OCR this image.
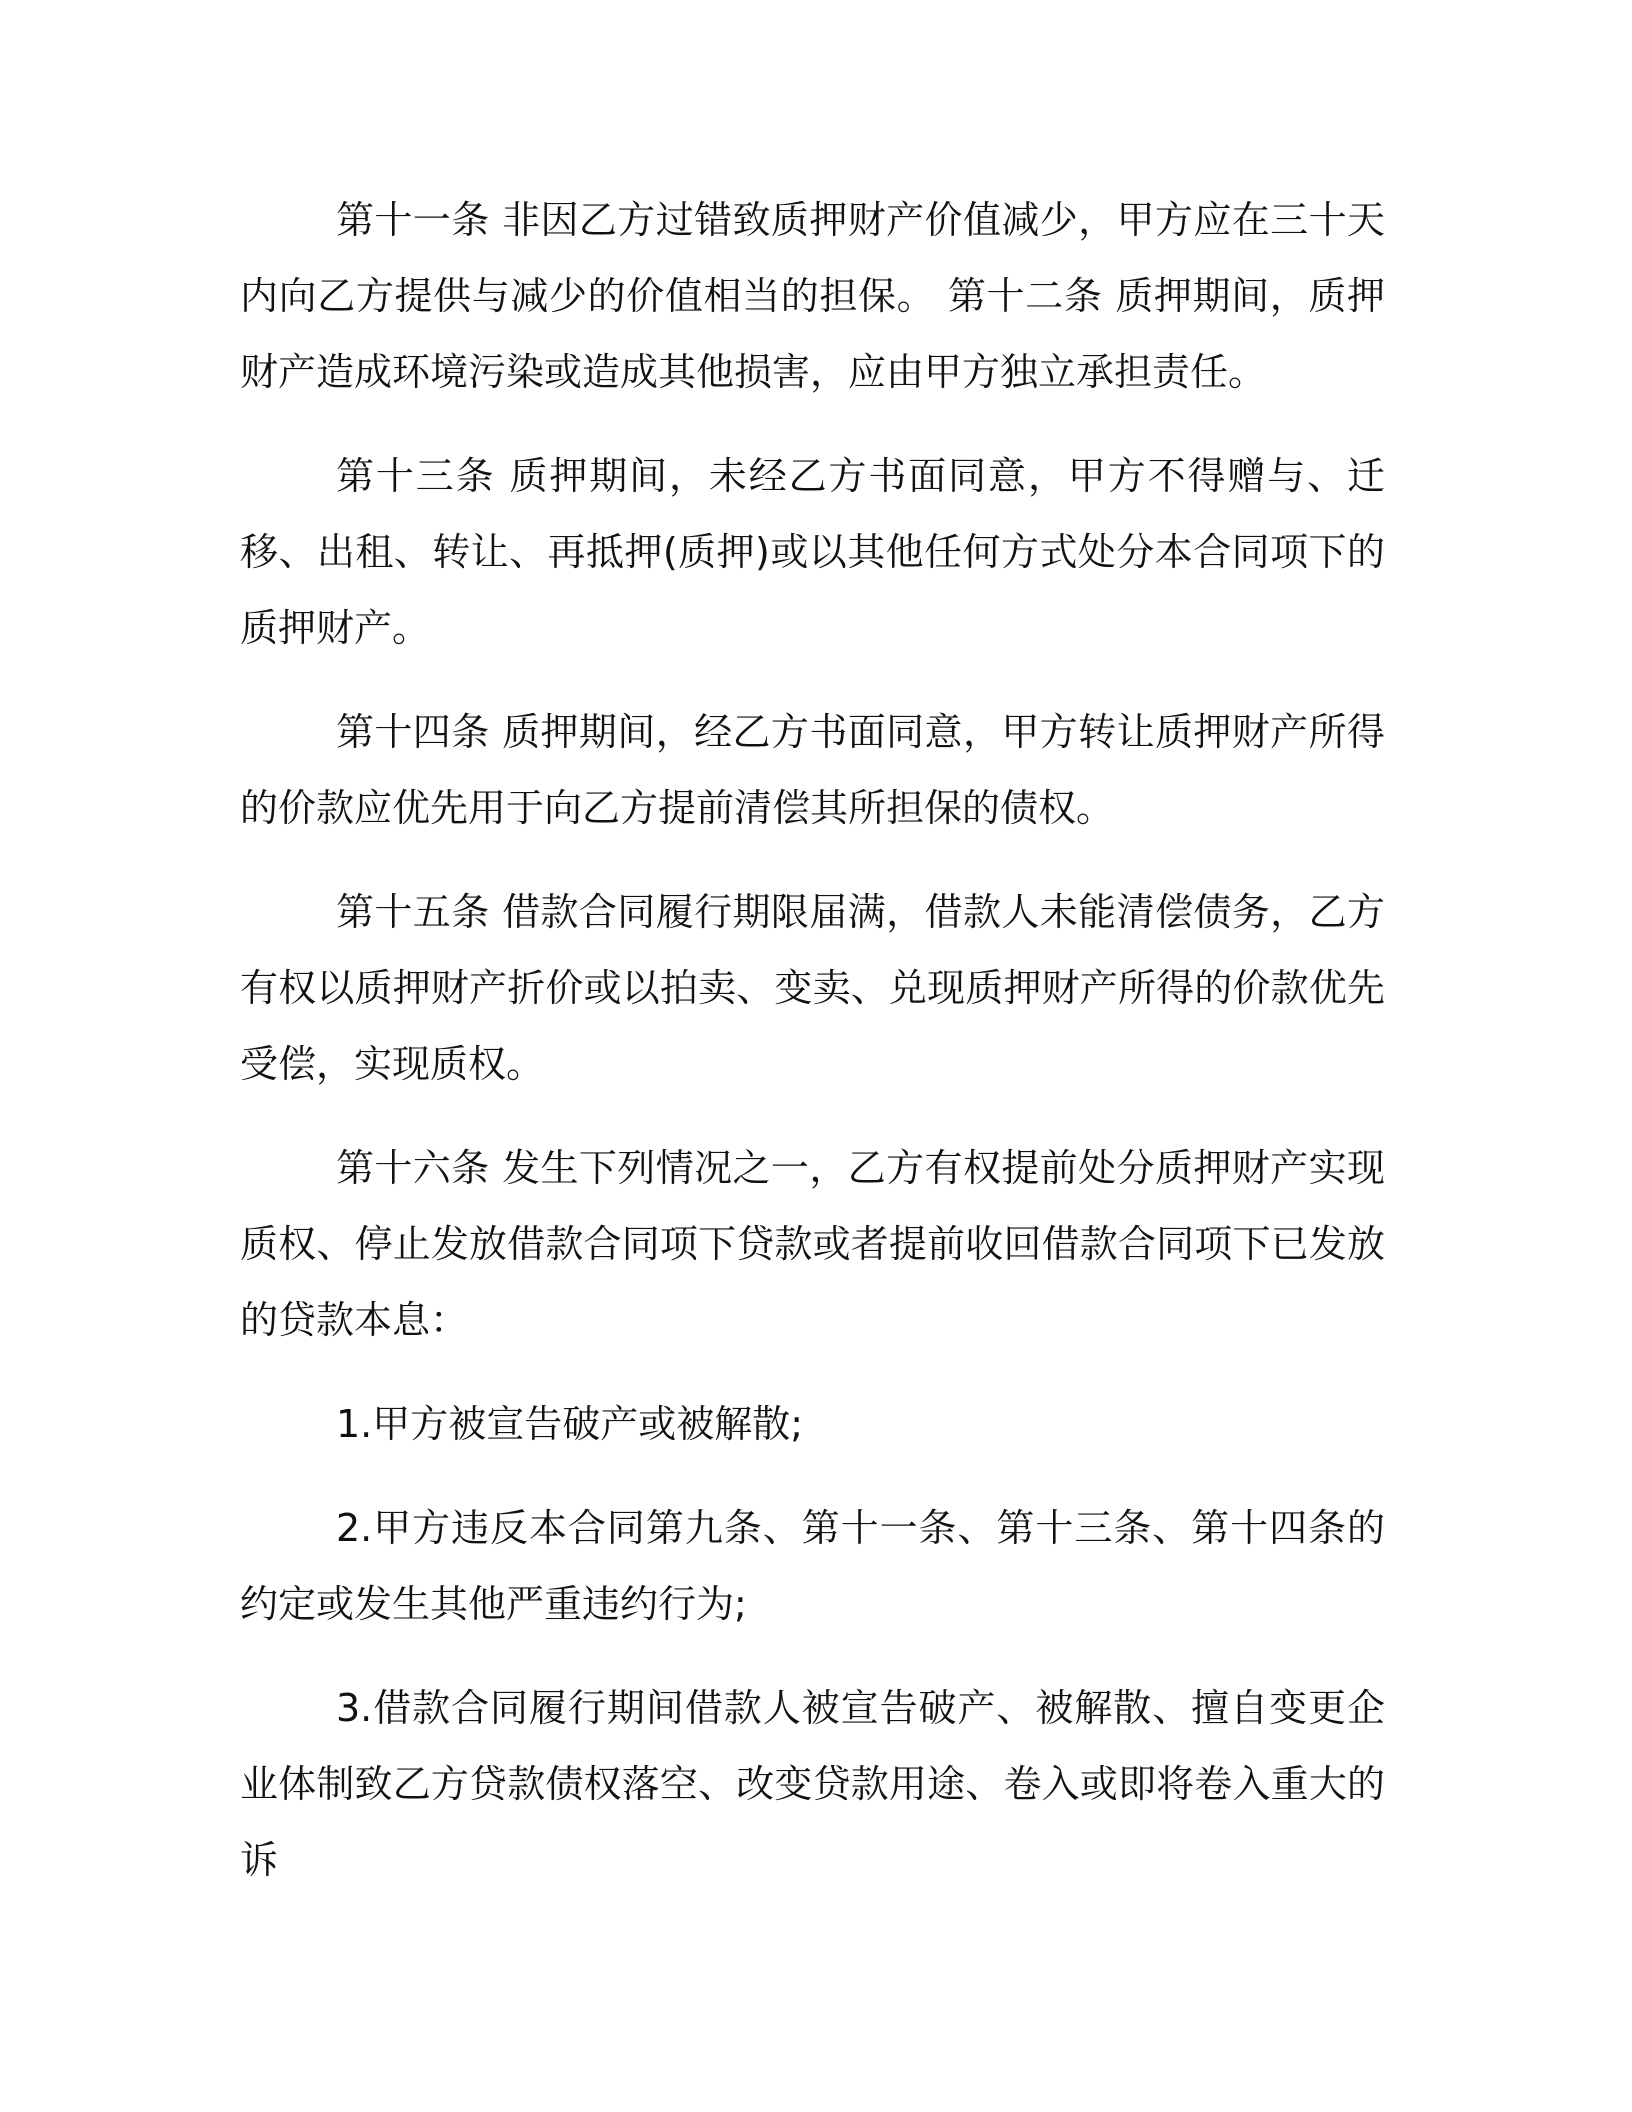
第十一条 非因乙方过错致质押财产价值减少，甲方应在三十天内向乙方提供与减少的价值相当的担保。 第十二条 质押期间，质押财产造成环境污染或造成其他损害，应由甲方独立承担责任。

第十三条 质押期间，未经乙方书面同意，甲方不得赠与、迁移、出租、转让、再抵押(质押)或以其他任何方式处分本合同项下的质押财产。

第十四条 质押期间，经乙方书面同意，甲方转让质押财产所得的价款应优先用于向乙方提前清偿其所担保的债权。

第十五条 借款合同履行期限届满，借款人未能清偿债务，乙方有权以质押财产折价或以拍卖、变卖、兑现质押财产所得的价款优先受偿，实现质权。

第十六条 发生下列情况之一，乙方有权提前处分质押财产实现质权、停止发放借款合同项下贷款或者提前收回借款合同项下已发放的贷款本息：

1.甲方被宣告破产或被解散;

2.甲方违反本合同第九条、第十一条、第十三条、第十四条的约定或发生其他严重违约行为;

3.借款合同履行期间借款人被宣告破产、被解散、擅自变更企业体制致乙方贷款债权落空、改变贷款用途、卷入或即将卷入重大的诉
